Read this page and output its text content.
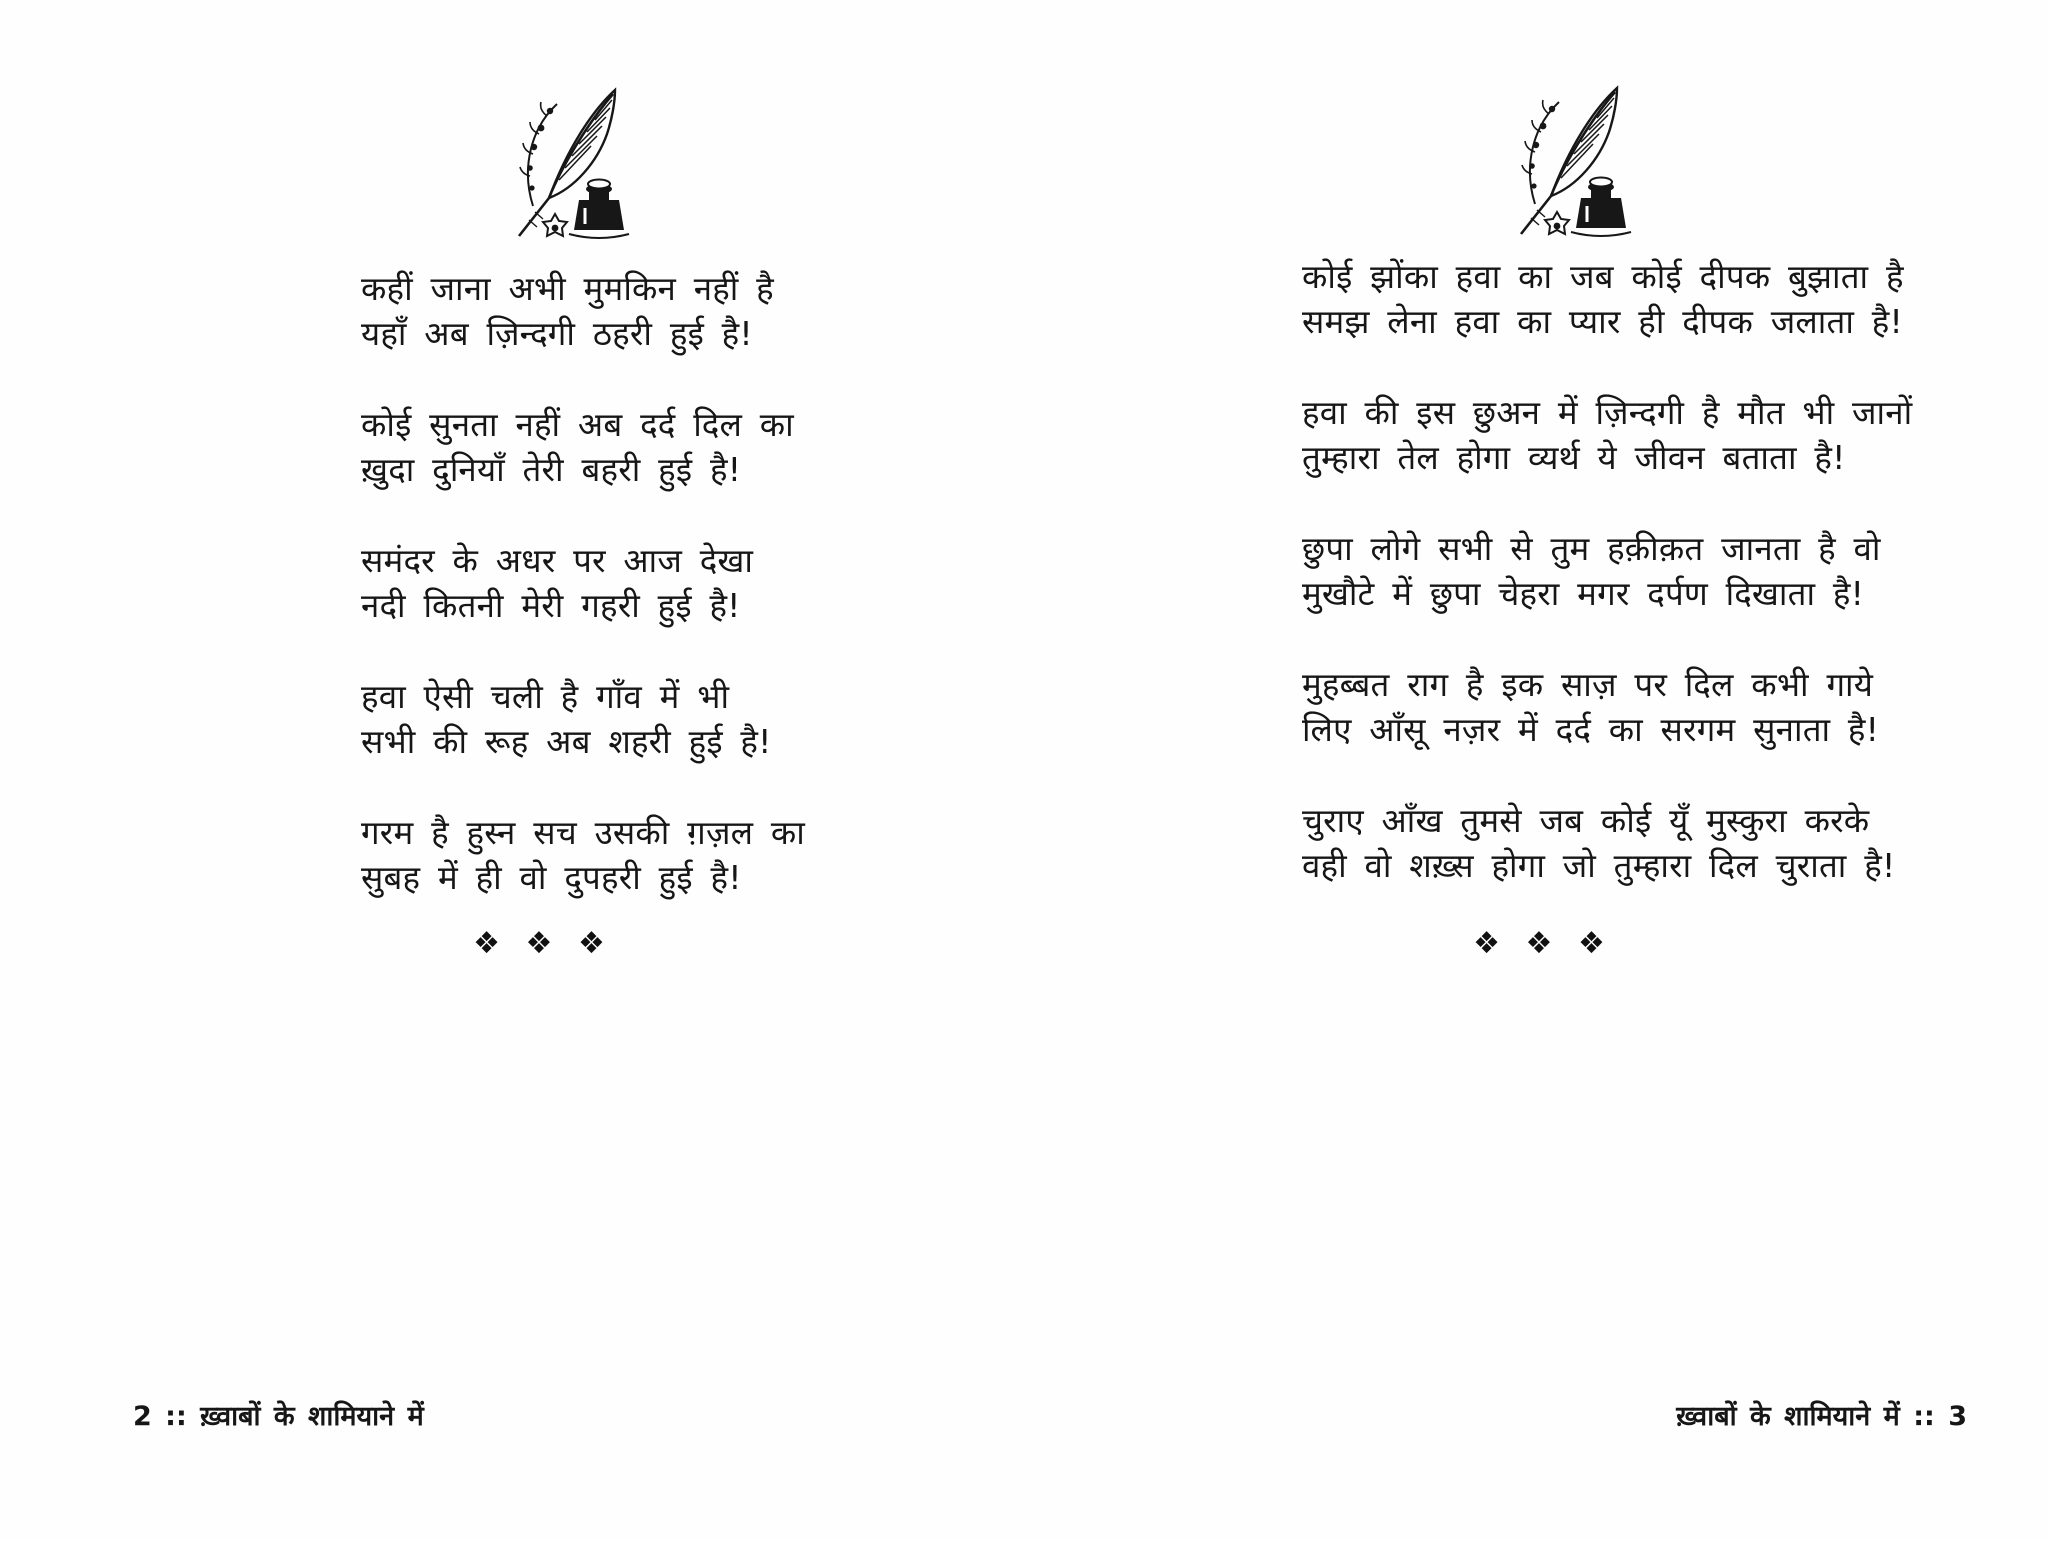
कहीं जाना अभी मुमकिन नहीं है
यहाँ अब ज़िन्दगी ठहरी हुई है!
कोई सुनता नहीं अब दर्द दिल का
ख़ुदा दुनियाँ तेरी बहरी हुई है!
समंदर के अधर पर आज देखा
नदी कितनी मेरी गहरी हुई है!
हवा ऐसी चली है गाँव में भी
सभी की रूह अब शहरी हुई है!
गरम है हुस्न सच उसकी ग़ज़ल का
सुबह में ही वो दुपहरी हुई है!
❖ ❖ ❖
2 :: ख़्वाबों के शामियाने में
कोई झोंका हवा का जब कोई दीपक बुझाता है
समझ लेना हवा का प्यार ही दीपक जलाता है!
हवा की इस छुअन में ज़िन्दगी है मौत भी जानों
तुम्हारा तेल होगा व्यर्थ ये जीवन बताता है!
छुपा लोगे सभी से तुम हक़ीक़त जानता है वो
मुखौटे में छुपा चेहरा मगर दर्पण दिखाता है!
मुहब्बत राग है इक साज़ पर दिल कभी गाये
लिए आँसू नज़र में दर्द का सरगम सुनाता है!
चुराए आँख तुमसे जब कोई यूँ मुस्कुरा करके
वही वो शख़्स होगा जो तुम्हारा दिल चुराता है!
❖ ❖ ❖
ख़्वाबों के शामियाने में :: 3
